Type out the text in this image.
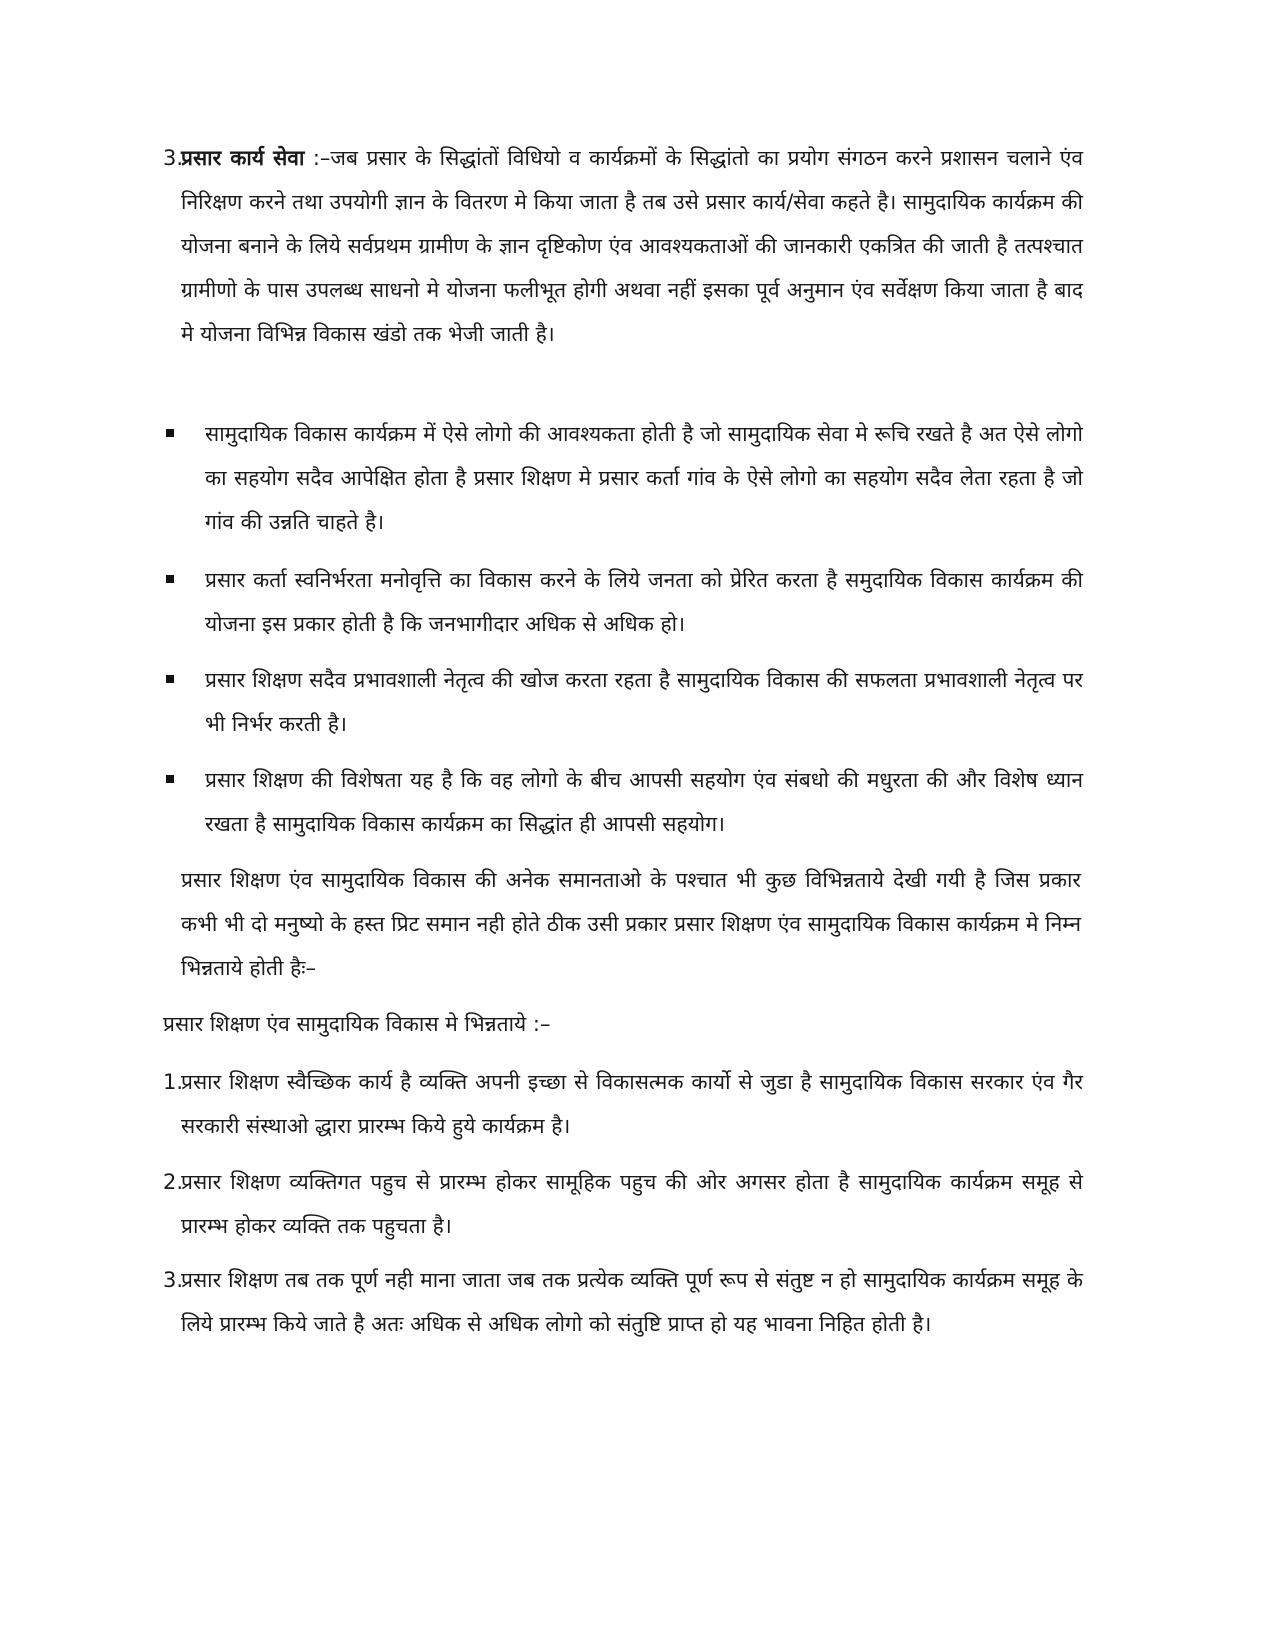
3.
प्रसार कार्य सेवा :–जब प्रसार के सिद्धांतों विधियो व कार्यक्रमों के सिद्धांतो का प्रयोग संगठन करने प्रशासन चलाने एंव निरिक्षण करने तथा उपयोगी ज्ञान के वितरण मे किया जाता है तब उसे प्रसार कार्य/सेवा कहते है। सामुदायिक कार्यक्रम की योजना बनाने के लिये सर्वप्रथम ग्रामीण के ज्ञान दृष्टिकोण एंव आवश्यकताओं की जानकारी एकत्रित की जाती है तत्पश्चात ग्रामीणो के पास उपलब्ध साधनो मे योजना फलीभूत होगी अथवा नहीं इसका पूर्व अनुमान एंव सर्वेक्षण किया जाता है बाद मे योजना विभिन्न विकास खंडो तक भेजी जाती है।
सामुदायिक विकास कार्यक्रम में ऐसे लोगो की आवश्यकता होती है जो सामुदायिक सेवा मे रूचि रखते है अत ऐसे लोगो का सहयोग सदैव आपेक्षित होता है प्रसार शिक्षण मे प्रसार कर्ता गांव के ऐसे लोगो का सहयोग सदैव लेता रहता है जो गांव की उन्नति चाहते है।
प्रसार कर्ता स्वनिर्भरता मनोवृत्ति का विकास करने के लिये जनता को प्रेरित करता है समुदायिक विकास कार्यक्रम की योजना इस प्रकार होती है कि जनभागीदार अधिक से अधिक हो।
प्रसार शिक्षण सदैव प्रभावशाली नेतृत्व की खोज करता रहता है सामुदायिक विकास की सफलता प्रभावशाली नेतृत्व पर भी निर्भर करती है।
प्रसार शिक्षण की विशेषता यह है कि वह लोगो के बीच आपसी सहयोग एंव संबधो की मधुरता की और विशेष ध्यान रखता है सामुदायिक विकास कार्यक्रम का सिद्धांत ही आपसी सहयोग।
प्रसार शिक्षण एंव सामुदायिक विकास की अनेक समानताओ के पश्चात भी कुछ विभिन्नताये देखी गयी है जिस प्रकार कभी भी दो मनुष्यो के हस्त प्रिट समान नही होते ठीक उसी प्रकार प्रसार शिक्षण एंव सामुदायिक विकास कार्यक्रम मे निम्न भिन्नताये होती हैः–
प्रसार शिक्षण एंव सामुदायिक विकास मे भिन्नताये :–
1.
प्रसार शिक्षण स्वैच्छिक कार्य है व्यक्ति अपनी इच्छा से विकासत्मक कार्यो से जुडा है सामुदायिक विकास सरकार एंव गैर सरकारी संस्थाओ द्धारा प्रारम्भ किये हुये कार्यक्रम है।
2.
प्रसार शिक्षण व्यक्तिगत पहुच से प्रारम्भ होकर सामूहिक पहुच की ओर अगसर होता है सामुदायिक कार्यक्रम समूह से प्रारम्भ होकर व्यक्ति तक पहुचता है।
3.
प्रसार शिक्षण तब तक पूर्ण नही माना जाता जब तक प्रत्येक व्यक्ति पूर्ण रूप से संतुष्ट न हो सामुदायिक कार्यक्रम समूह के लिये प्रारम्भ किये जाते है अतः अधिक से अधिक लोगो को संतुष्टि प्राप्त हो यह भावना निहित होती है।
